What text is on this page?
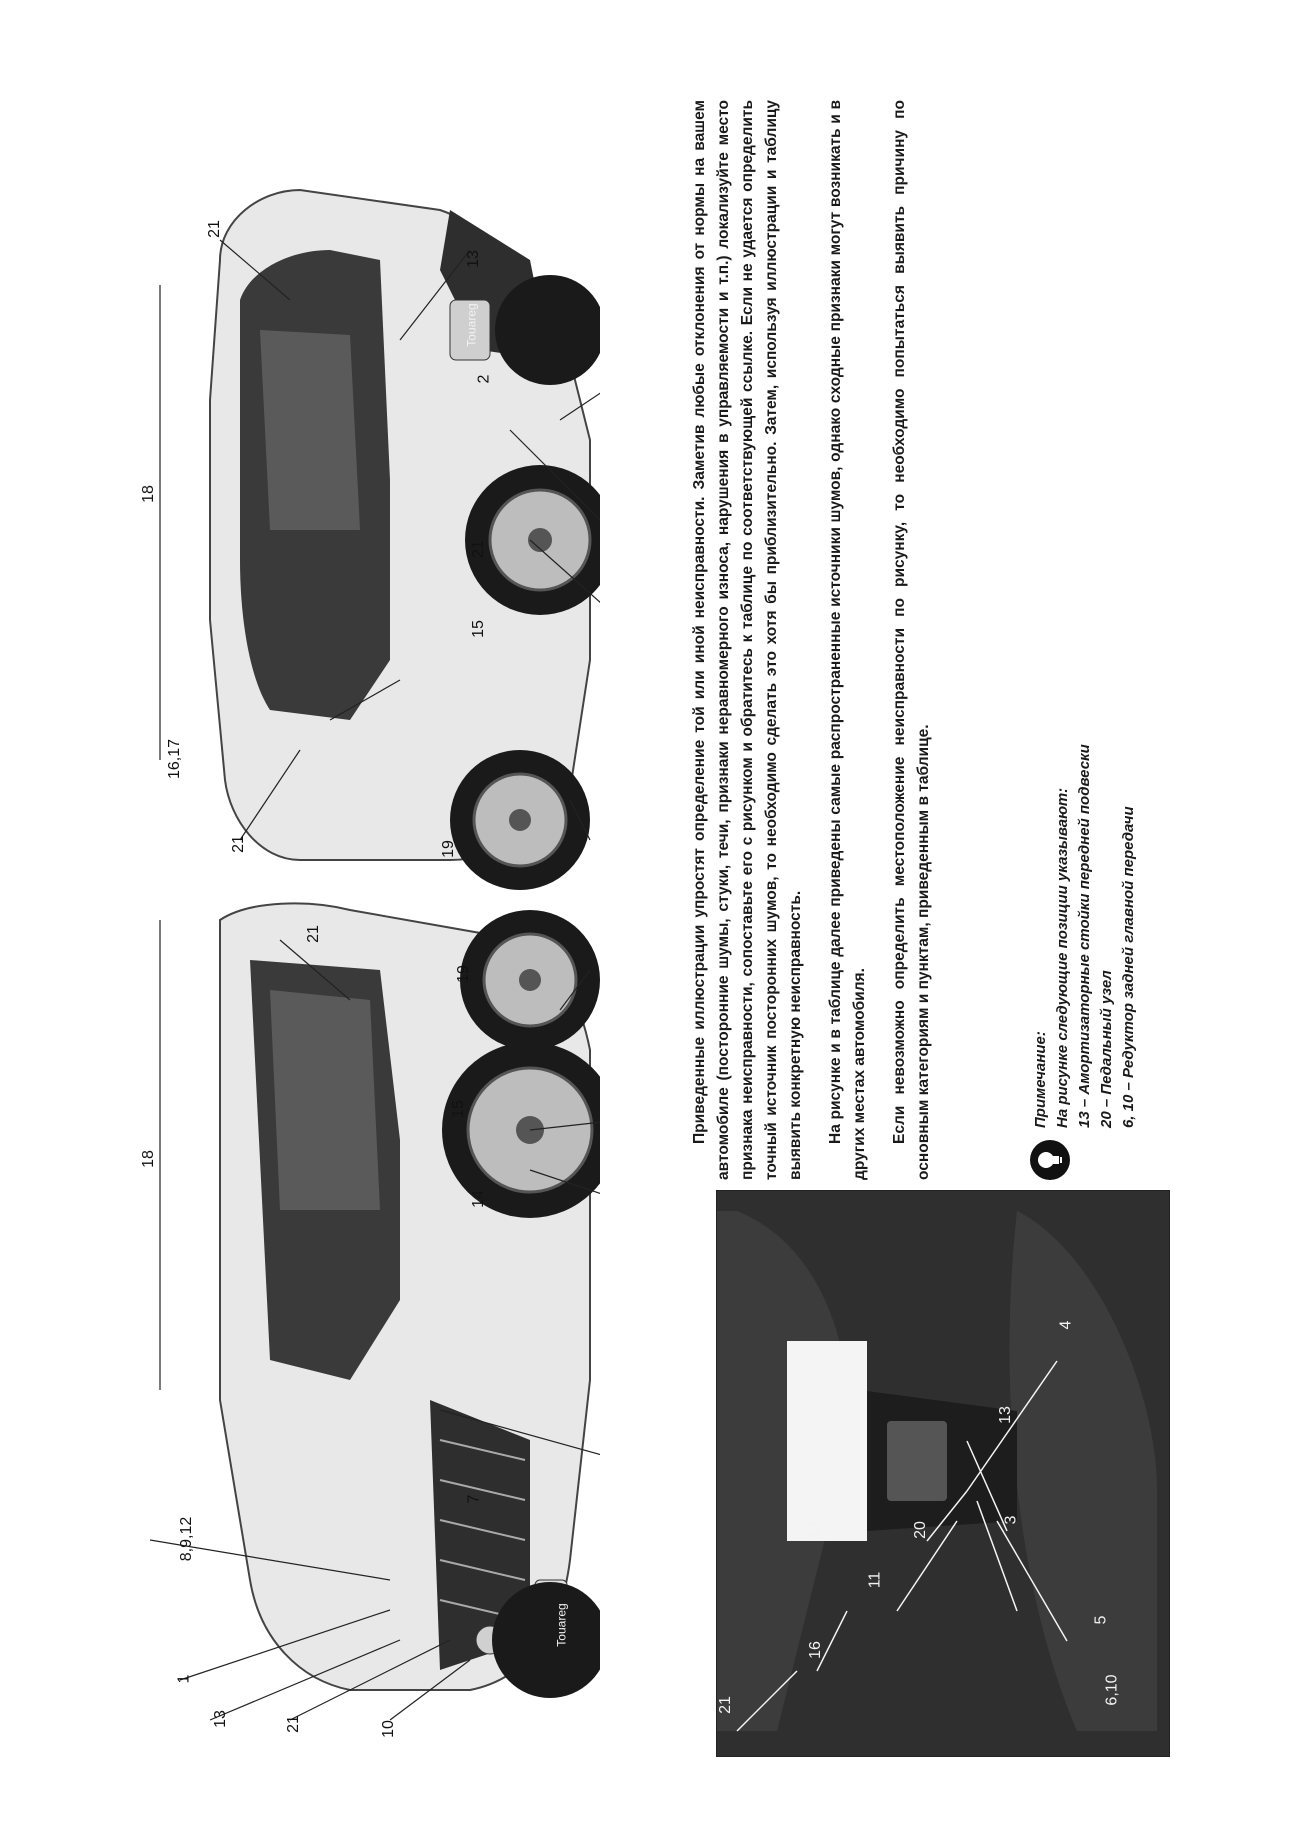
21
13
2
21
15
18
16,17
21	19
Touareg
8,9,12
1
13	21	10
7
14
15
21
19
18
Touareg
21
16
13
11
20
13
3
4
5
6,10

Приведенные иллюстрации упростят определение той или иной неисправности. Заметив любые отклонения от нормы на вашем автомобиле (посторонние шумы, стуки, течи, признаки неравномерного износа, нарушения в управляемости и т.п.) локализуйте место признака неисправности, сопоставьте его с рисунком и обратитесь к таблице по соответствующей ссылке. Если не удается определить точный источник посторонних шумов, то необходимо сделать это хотя бы приблизительно. Затем, используя иллюстрации и таблицу выявить конкретную неисправность. На рисунке и в таблице далее приведены самые распространенные источники шумов, однако сходные признаки могут возникать и в других местах автомобиля. Если невозможно определить местоположение неисправности по рисунку, то необходимо попытаться выявить причину по основным категориям и пунктам, приведенным в таблице.	Примечание: На рисунке следующие позиции указывают: 13 – Амортизаторные стойки передней подвески 20 – Педальный узел 6, 10 – Редуктор задней главной передачи
